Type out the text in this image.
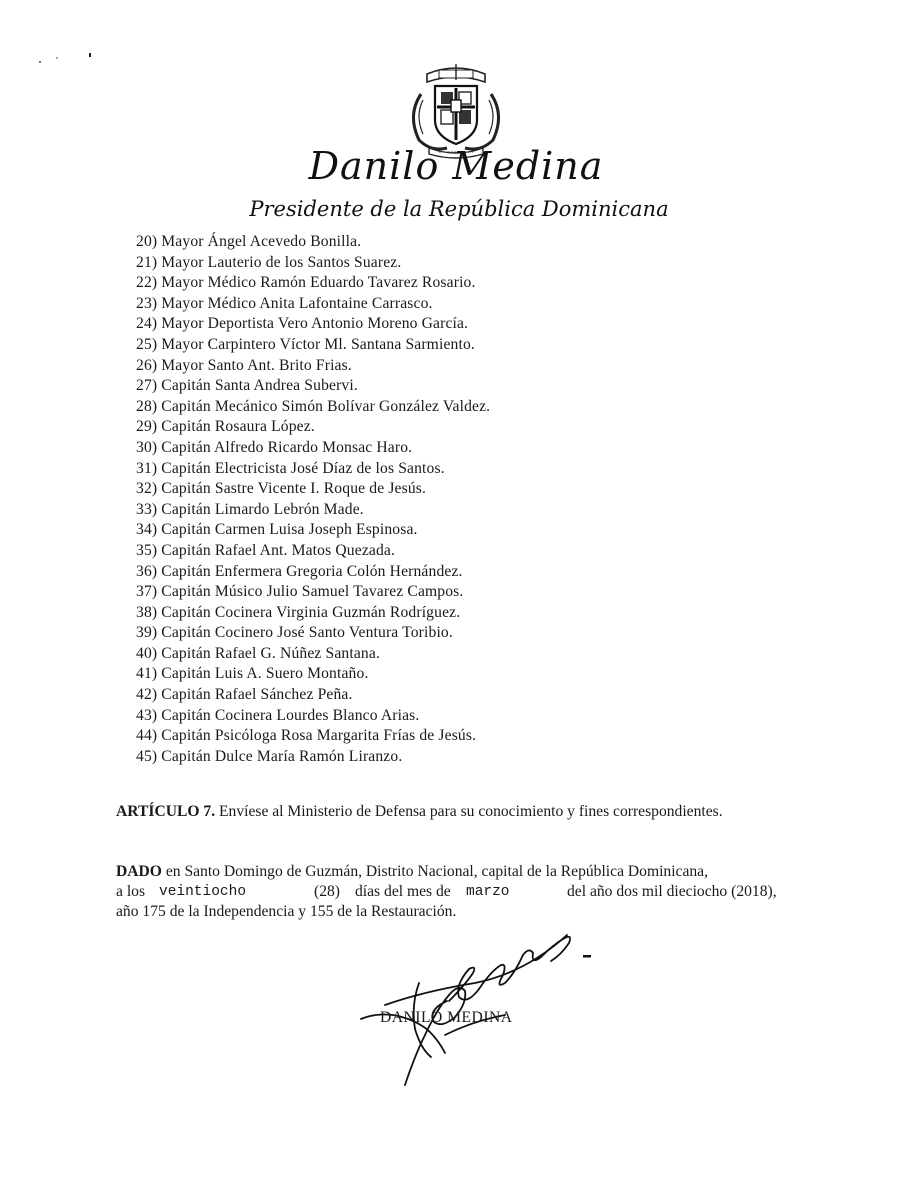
Danilo Medina
Presidente de la República Dominicana
20) Mayor Ángel Acevedo Bonilla.
21) Mayor Lauterio de los Santos Suarez.
22) Mayor Médico Ramón Eduardo Tavarez Rosario.
23) Mayor Médico Anita Lafontaine Carrasco.
24) Mayor Deportista Vero Antonio Moreno García.
25) Mayor Carpintero Víctor Ml. Santana Sarmiento.
26) Mayor Santo Ant. Brito Frias.
27) Capitán Santa Andrea Subervi.
28) Capitán Mecánico Simón Bolívar González Valdez.
29) Capitán Rosaura López.
30) Capitán Alfredo Ricardo Monsac Haro.
31) Capitán Electricista José Díaz de los Santos.
32) Capitán Sastre Vicente I. Roque de Jesús.
33) Capitán Limardo Lebrón Made.
34) Capitán Carmen Luisa Joseph Espinosa.
35) Capitán Rafael Ant. Matos Quezada.
36) Capitán Enfermera Gregoria Colón Hernández.
37) Capitán Músico Julio Samuel Tavarez Campos.
38) Capitán Cocinera Virginia Guzmán Rodríguez.
39) Capitán Cocinero José Santo Ventura Toribio.
40) Capitán Rafael G. Núñez Santana.
41) Capitán Luis A. Suero Montaño.
42) Capitán Rafael Sánchez Peña.
43) Capitán Cocinera Lourdes Blanco Arias.
44) Capitán Psicóloga Rosa Margarita Frías de Jesús.
45) Capitán Dulce María Ramón Liranzo.
ARTÍCULO 7. Envíese al Ministerio de Defensa para su conocimiento y fines correspondientes.
DADO en Santo Domingo de Guzmán, Distrito Nacional, capital de la República Dominicana,
a los veintiocho	(28) días del mes de marzo	del año dos mil dieciocho (2018),
año 175 de la Independencia y 155 de la Restauración.
DANILO MEDINA
